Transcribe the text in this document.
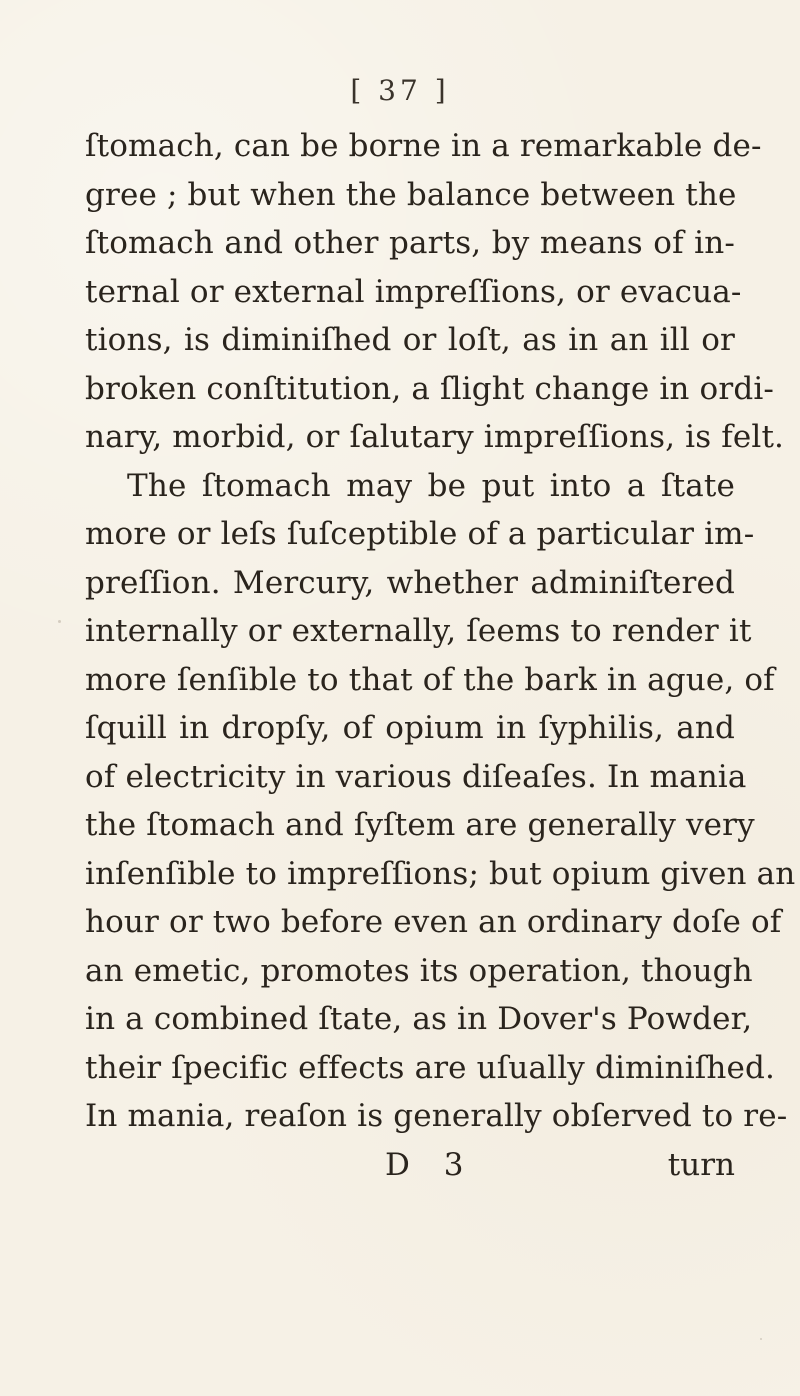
[ 37 ]
ſtomach, can be borne in a remarkable de-
gree ; but when the balance between the
ſtomach and other parts, by means of in-
ternal or external impreſſions, or evacua-
tions, is diminiſhed or loſt, as in an ill or
broken conſtitution, a ſlight change in ordi-
nary, morbid, or ſalutary impreſſions, is felt.
The ſtomach may be put into a ſtate
more or leſs ſuſceptible of a particular im-
preſſion. Mercury, whether adminiſtered
internally or externally, ſeems to render it
more ſenſible to that of the bark in ague, of
ſquill in dropſy, of opium in ſyphilis, and
of electricity in various diſeaſes. In mania
the ſtomach and ſyſtem are generally very
inſenſible to impreſſions; but opium given an
hour or two before even an ordinary doſe of
an emetic, promotes its operation, though
in a combined ſtate, as in Dover's Powder,
their ſpecific effects are uſually diminiſhed.
In mania, reaſon is generally obſerved to re-
D 3	turn
